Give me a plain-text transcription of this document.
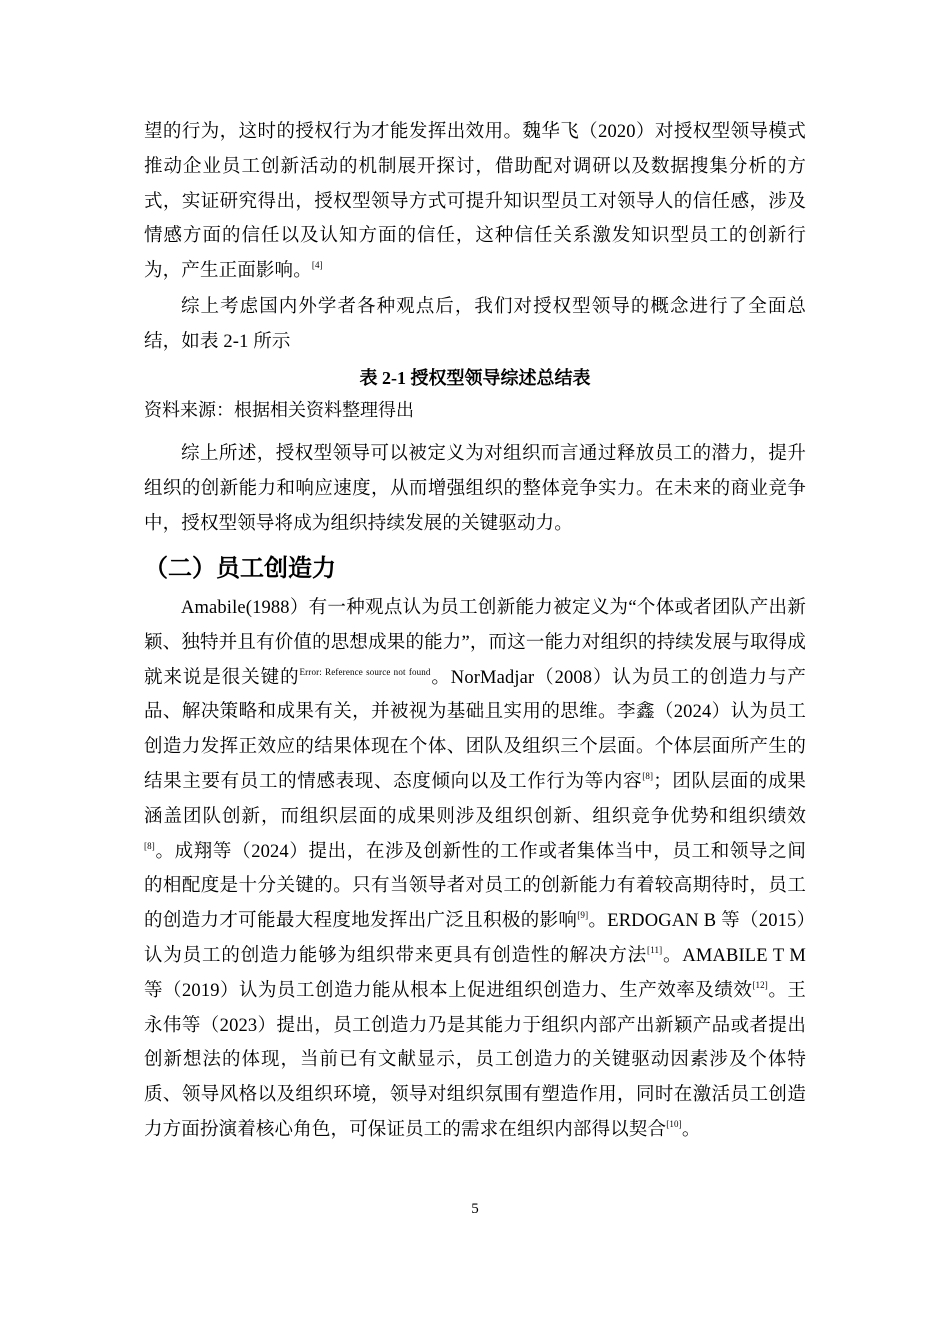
望的行为，这时的授权行为才能发挥出效用。魏华飞（2020）对授权型领导模式推动企业员工创新活动的机制展开探讨，借助配对调研以及数据搜集分析的方式，实证研究得出，授权型领导方式可提升知识型员工对领导人的信任感，涉及情感方面的信任以及认知方面的信任，这种信任关系激发知识型员工的创新行为，产生正面影响。[4]

综上考虑国内外学者各种观点后，我们对授权型领导的概念进行了全面总结，如表 2-1 所示

表 2-1 授权型领导综述总结表
资料来源：根据相关资料整理得出

综上所述，授权型领导可以被定义为对组织而言通过释放员工的潜力，提升组织的创新能力和响应速度，从而增强组织的整体竞争实力。在未来的商业竞争中，授权型领导将成为组织持续发展的关键驱动力。

（二）员工创造力

Amabile(1988）有一种观点认为员工创新能力被定义为“个体或者团队产出新颖、独特并且有价值的思想成果的能力”，而这一能力对组织的持续发展与取得成就来说是很关键的$^{Error: Reference source not found}$。NorMadjar（2008）认为员工的创造力与产品、解决策略和成果有关，并被视为基础且实用的思维。李鑫（2024）认为员工创造力发挥正效应的结果体现在个体、团队及组织三个层面。个体层面所产生的结果主要有员工的情感表现、态度倾向以及工作行为等内容[8]；团队层面的成果涵盖团队创新，而组织层面的成果则涉及组织创新、组织竞争优势和组织绩效[8]。成翔等（2024）提出，在涉及创新性的工作或者集体当中，员工和领导之间的相配度是十分关键的。只有当领导者对员工的创新能力有着较高期待时，员工的创造力才可能最大程度地发挥出广泛且积极的影响[9]。ERDOGAN B 等（2015）认为员工的创造力能够为组织带来更具有创造性的解决方法[11]。AMABILE T M 等（2019）认为员工创造力能从根本上促进组织创造力、生产效率及绩效[12]。王永伟等（2023）提出，员工创造力乃是其能力于组织内部产出新颖产品或者提出创新想法的体现，当前已有文献显示，员工创造力的关键驱动因素涉及个体特质、领导风格以及组织环境，领导对组织氛围有塑造作用，同时在激活员工创造力方面扮演着核心角色，可保证员工的需求在组织内部得以契合[10]。

5
